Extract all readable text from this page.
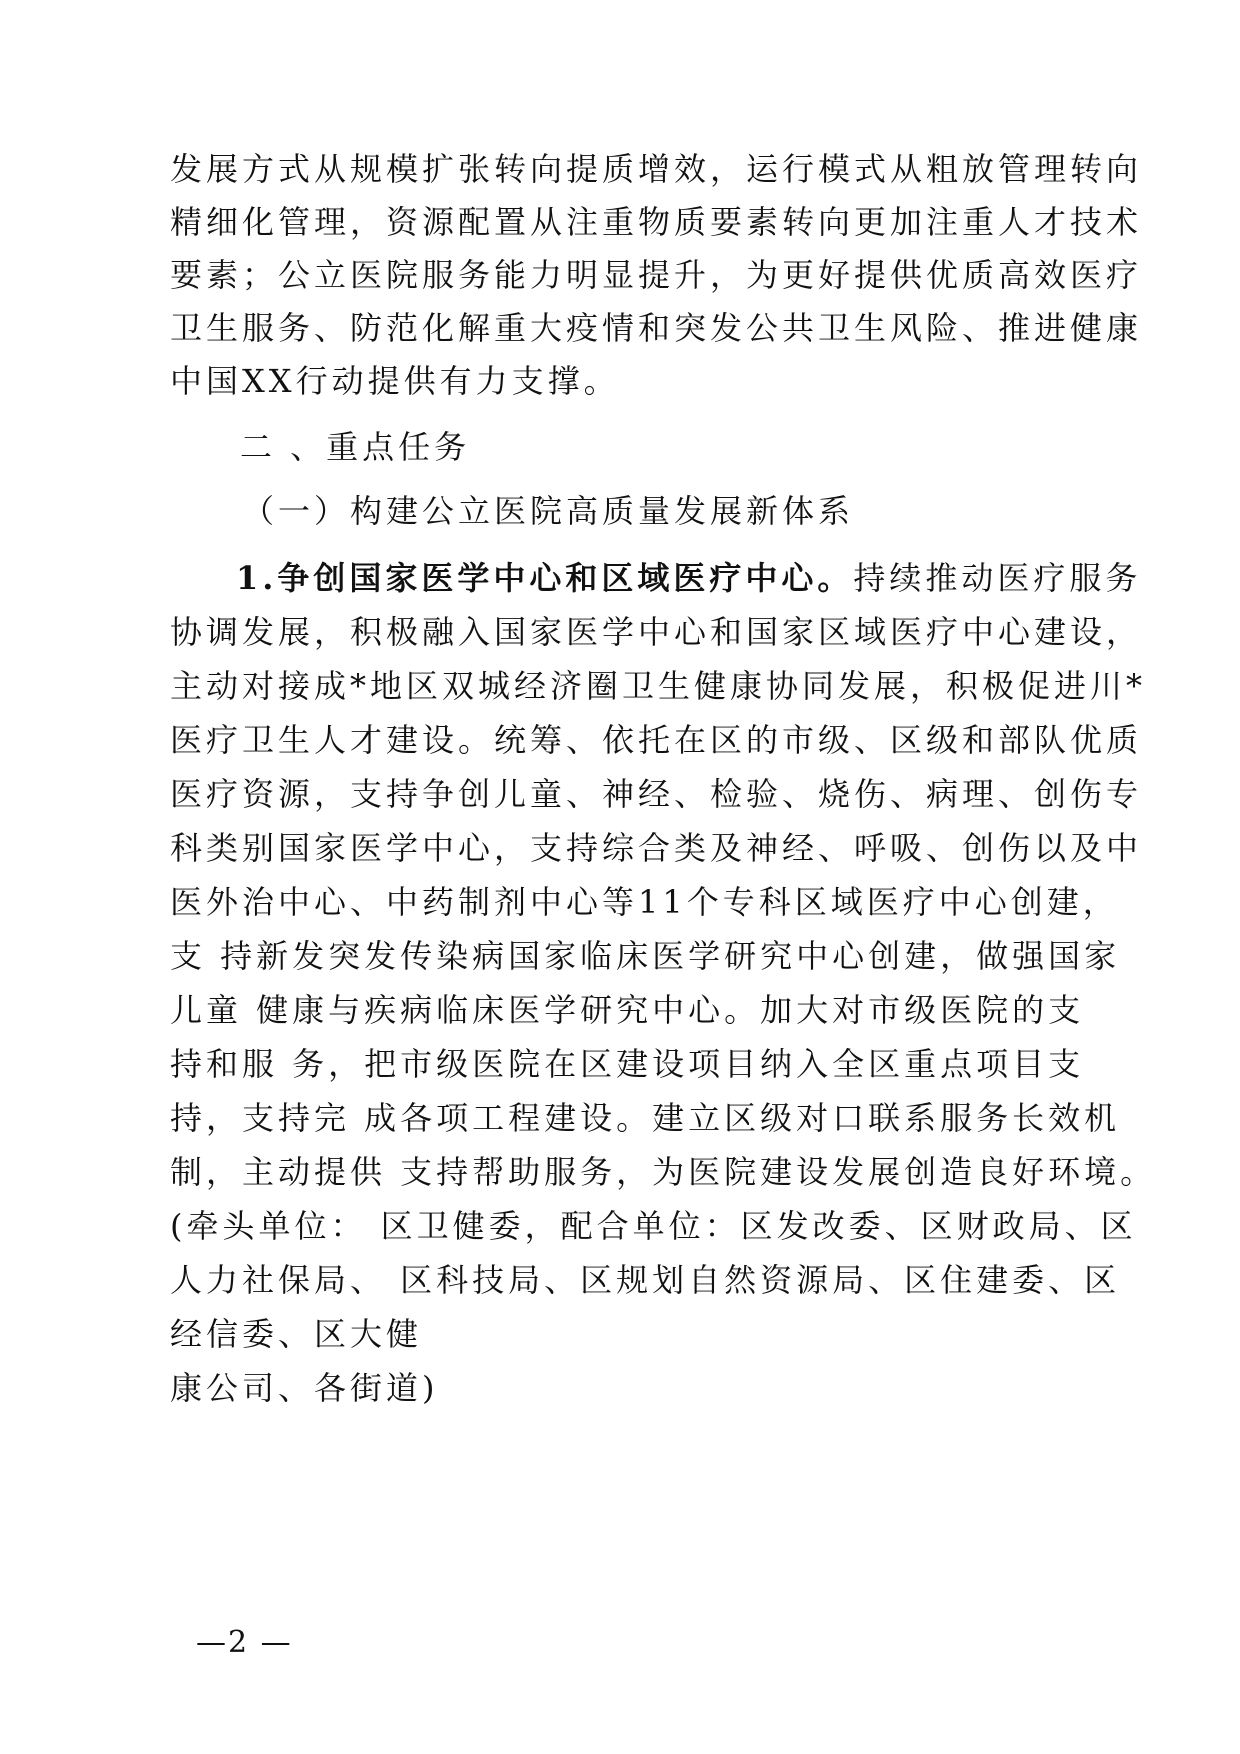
发展方式从规模扩张转向提质增效，运行模式从粗放管理转向
精细化管理，资源配置从注重物质要素转向更加注重人才技术
要素；公立医院服务能力明显提升，为更好提供优质高效医疗
卫生服务、防范化解重大疫情和突发公共卫生风险、推进健康
中国XX行动提供有力支撑。
二 、重点任务
（一）构建公立医院高质量发展新体系
1.争创国家医学中心和区域医疗中心。持续推动医疗服务
协调发展，积极融入国家医学中心和国家区域医疗中心建设，
主动对接成*地区双城经济圈卫生健康协同发展，积极促进川*
医疗卫生人才建设。统筹、依托在区的市级、区级和部队优质
医疗资源，支持争创儿童、神经、检验、烧伤、病理、创伤专
科类别国家医学中心，支持综合类及神经、呼吸、创伤以及中
医外治中心、中药制剂中心等11个专科区域医疗中心创建，
支 持新发突发传染病国家临床医学研究中心创建，做强国家
儿童 健康与疾病临床医学研究中心。加大对市级医院的支
持和服 务，把市级医院在区建设项目纳入全区重点项目支
持，支持完 成各项工程建设。建立区级对口联系服务长效机
制，主动提供 支持帮助服务，为医院建设发展创造良好环境。
(牵头单位： 区卫健委，配合单位：区发改委、区财政局、区
人力社保局、 区科技局、区规划自然资源局、区住建委、区
经信委、区大健
康公司、各街道)
—2 —
